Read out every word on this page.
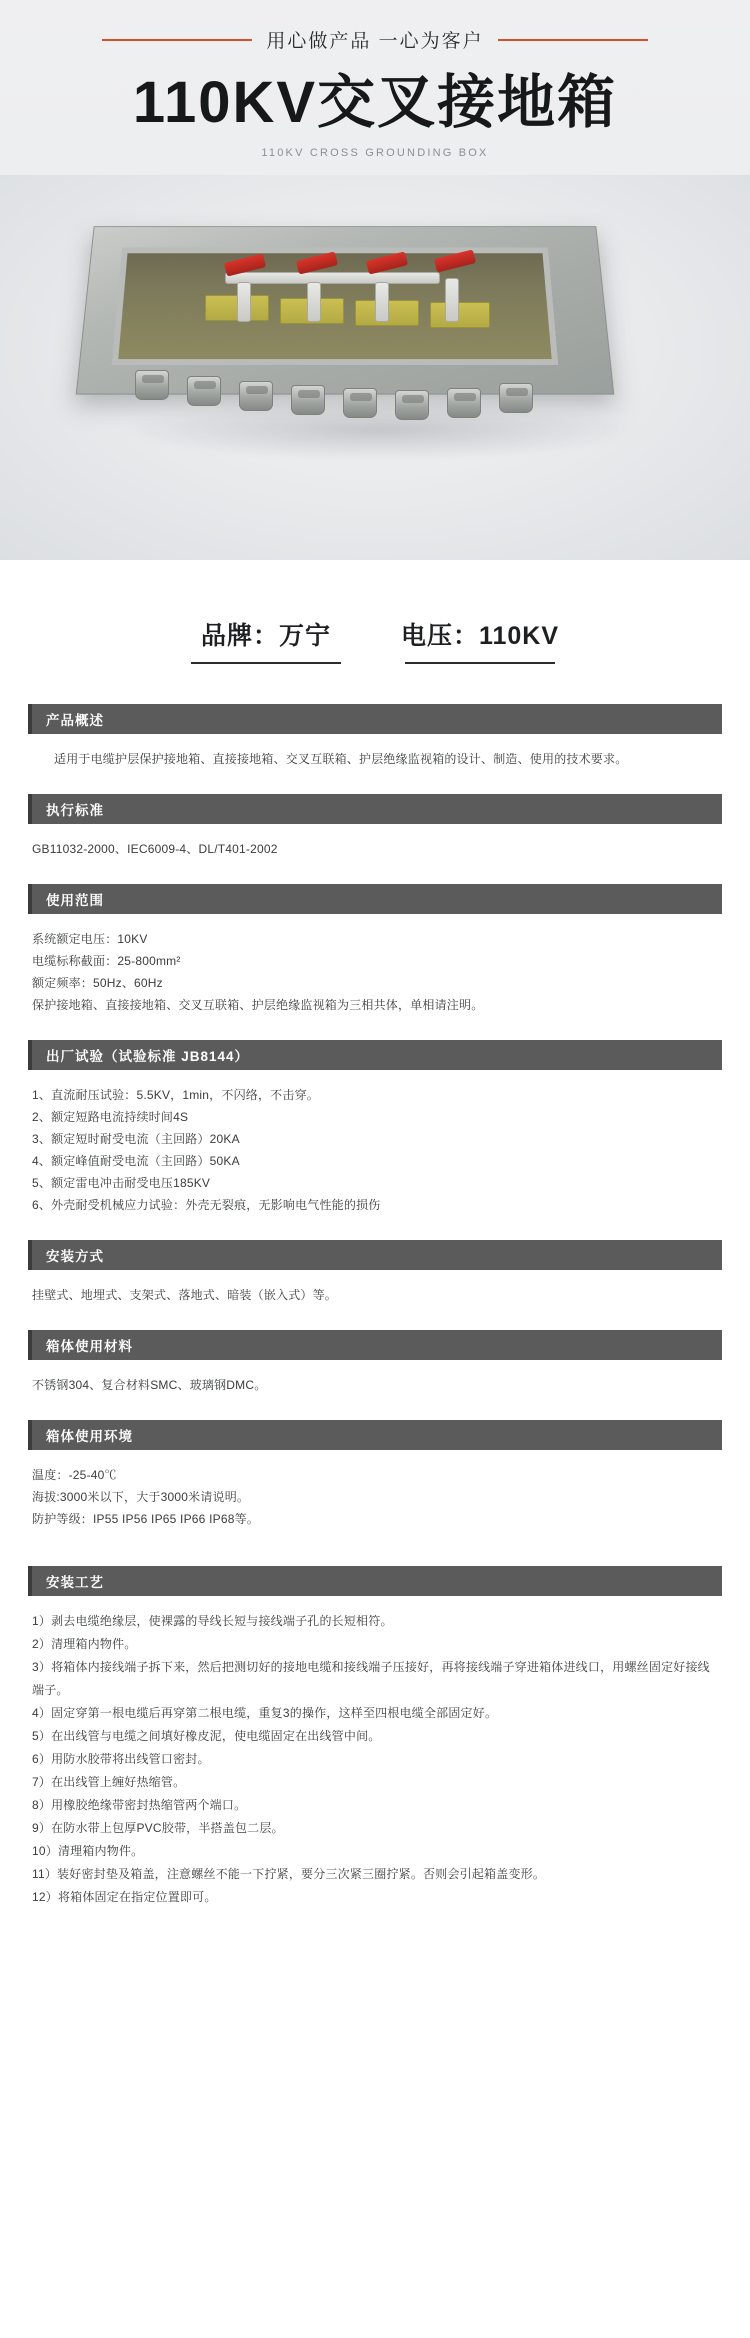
用心做产品 一心为客户
110KV交叉接地箱
110KV CROSS GROUNDING BOX
品牌：万宁	电压：110KV
产品概述

适用于电缆护层保护接地箱、直接接地箱、交叉互联箱、护层绝缘监视箱的设计、制造、使用的技术要求。

执行标准

GB11032-2000、IEC6009-4、DL/T401-2002

使用范围

系统额定电压：10KV

电缆标称截面：25-800mm²

额定频率：50Hz、60Hz

保护接地箱、直接接地箱、交叉互联箱、护层绝缘监视箱为三相共体，单相请注明。

出厂试验（试验标准 JB8144）

1、直流耐压试验：5.5KV，1min，不闪络，不击穿。

2、额定短路电流持续时间4S

3、额定短时耐受电流（主回路）20KA

4、额定峰值耐受电流（主回路）50KA

5、额定雷电冲击耐受电压185KV

6、外壳耐受机械应力试验：外壳无裂痕，无影响电气性能的损伤

安装方式

挂壁式、地埋式、支架式、落地式、暗装（嵌入式）等。

箱体使用材料

不锈钢304、复合材料SMC、玻璃钢DMC。

箱体使用环境

温度：-25-40℃

海拔:3000米以下，大于3000米请说明。

防护等级：IP55 IP56 IP65 IP66 IP68等。

安装工艺

1）剥去电缆绝缘层，使裸露的导线长短与接线端子孔的长短相符。

2）清理箱内物件。

3）将箱体内接线端子拆下来，然后把测切好的接地电缆和接线端子压接好，再将接线端子穿进箱体进线口，用螺丝固定好接线端子。

4）固定穿第一根电缆后再穿第二根电缆，重复3的操作，这样至四根电缆全部固定好。

5）在出线管与电缆之间填好橡皮泥，使电缆固定在出线管中间。

6）用防水胶带将出线管口密封。

7）在出线管上缠好热缩管。

8）用橡胶绝缘带密封热缩管两个端口。

9）在防水带上包厚PVC胶带，半搭盖包二层。

10）清理箱内物件。

11）装好密封垫及箱盖，注意螺丝不能一下拧紧，要分三次紧三圈拧紧。否则会引起箱盖变形。

12）将箱体固定在指定位置即可。
